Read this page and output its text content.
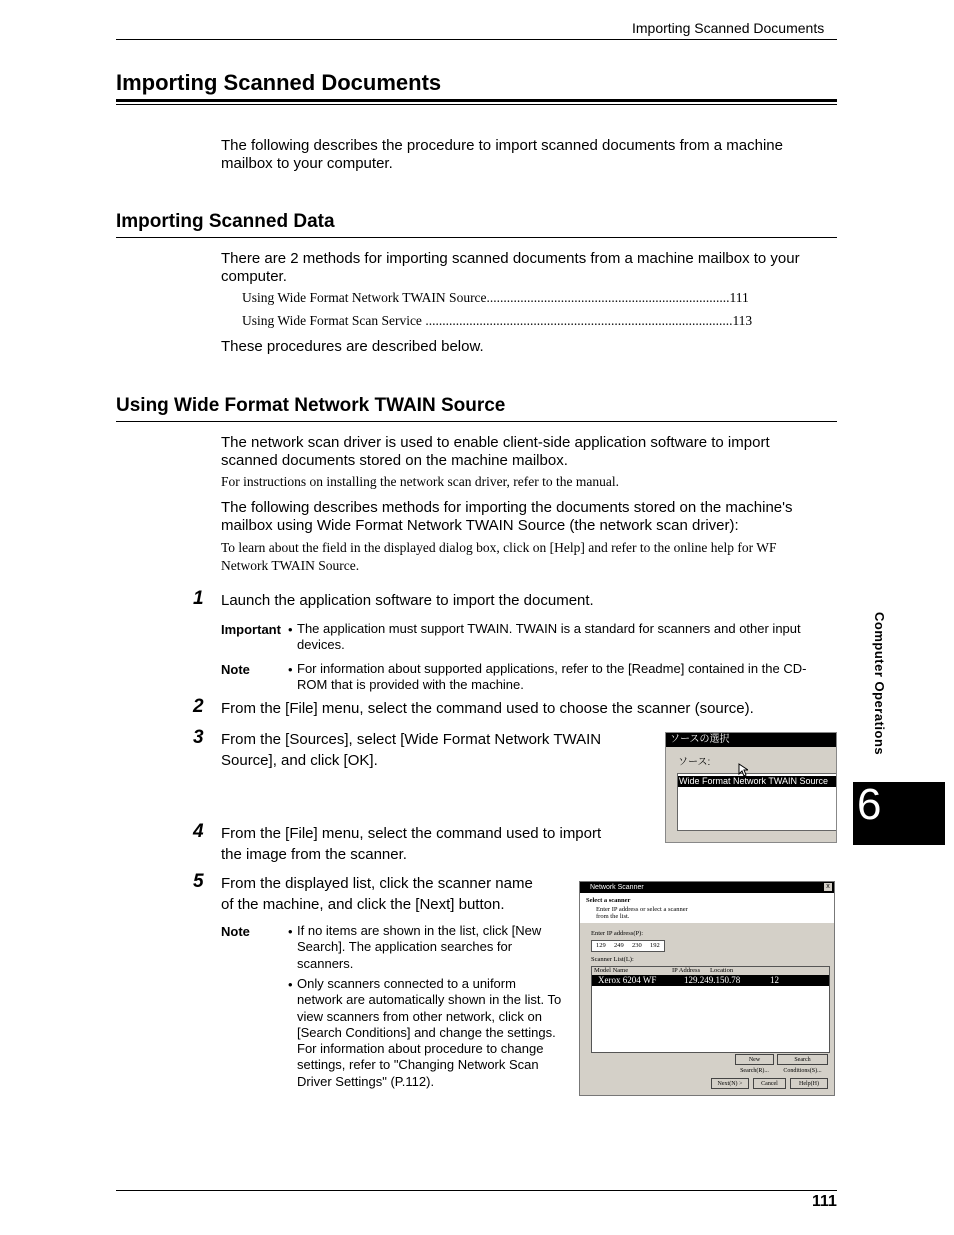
Importing Scanned Documents
Importing Scanned Documents
The following describes the procedure to import scanned documents from a machine
mailbox to your computer.
Importing Scanned Data
There are 2 methods for importing scanned documents from a machine mailbox to your
computer.
Using Wide Format Network TWAIN Source........................................................................111
Using Wide Format Scan Service ...........................................................................................113
These procedures are described below.
Using Wide Format Network TWAIN Source
The network scan driver is used to enable client-side application software to import
scanned documents stored on the machine mailbox.
For instructions on installing the network scan driver, refer to the manual.
The following describes methods for importing the documents stored on the machine's
mailbox using Wide Format Network TWAIN Source (the network scan driver):
To learn about the field in the displayed dialog box, click on [Help] and refer to the online help for WF
Network TWAIN Source.
1 Launch the application software to import the document.
Important • The application must support TWAIN. TWAIN is a standard for scanners and other input
devices.
Note	• For information about supported applications, refer to the [Readme] contained in the CD-
ROM that is provided with the machine.
2 From the [File] menu, select the command used to choose the scanner (source).
3 From the [Sources], select [Wide Format Network TWAIN
Source], and click [OK].
ソースの選択
ソース:
Wide Format Network TWAIN Source
4 From the [File] menu, select the command used to import
the image from the scanner.
5 From the displayed list, click the scanner name
of the machine, and click the [Next] button.
Note	• If no items are shown in the list, click [New
Search]. The application searches for
scanners.
• Only scanners connected to a uniform
network are automatically shown in the list. To
view scanners from other network, click on
[Search Conditions] and change the settings.
For information about procedure to change
settings, refer to "Changing Network Scan
Driver Settings" (P.112).
Network Scanner	x
Select a scanner
Enter IP address or select a scanner
from the list.
Enter IP address(P):
129 249 230 192
Scanner List(L):
Model Name	IP Address Location
Xerox 6204 WF	129.249.150.78	12
New Search(R)...
Search Conditions(S)...
Next(N) >	Cancel	Help(H)
Computer Operations
6
111
